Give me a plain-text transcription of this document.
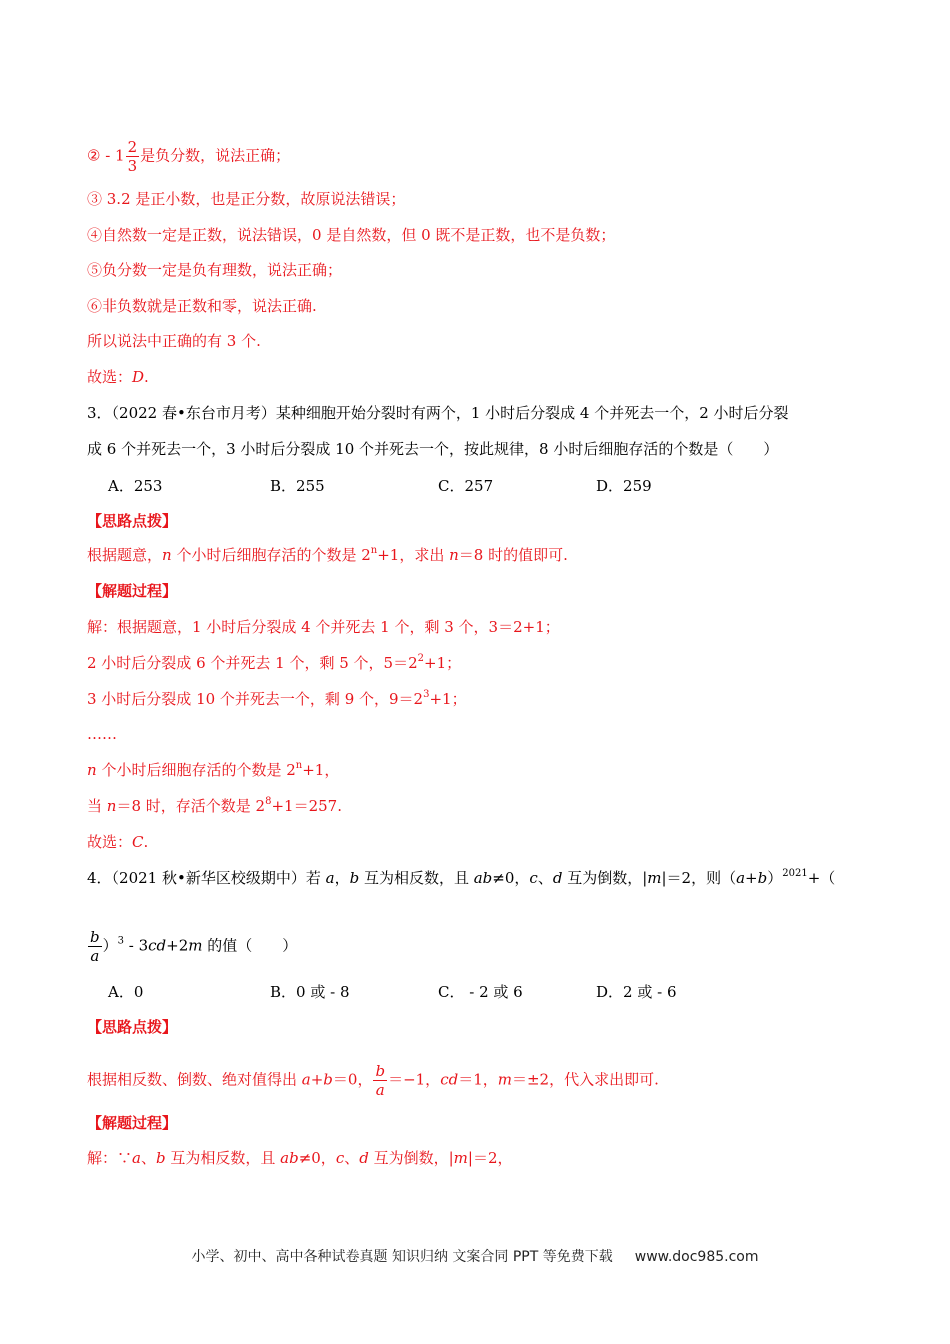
② - $1 \frac{2}{3}$ 是负分数，说法正确；
③ 3.2 是正小数，也是正分数，故原说法错误；
④自然数一定是正数，说法错误，0 是自然数，但 0 既不是正数，也不是负数；
⑤负分数一定是负有理数，说法正确；
⑥非负数就是正数和零，说法正确.
所以说法中正确的有 3 个.
故选：D.
3．（2022 春•东台市月考）某种细胞开始分裂时有两个，1 小时后分裂成 4 个并死去一个，2 小时后分裂
成 6 个并死去一个，3 小时后分裂成 10 个并死去一个，按此规律，8 小时后细胞存活的个数是（　　）
A．253	B．255	C．257	D．259
【思路点拨】
根据题意，n 个小时后细胞存活的个数是 $2^n+1$，求出 n＝8 时的值即可.
【解题过程】
解：根据题意，1 小时后分裂成 4 个并死去 1 个，剩 3 个，3＝2+1；
2 小时后分裂成 6 个并死去 1 个，剩 5 个，$5=2^2+1$；
3 小时后分裂成 10 个并死去一个，剩 9 个，$9=2^3+1$；
……
n 个小时后细胞存活的个数是 $2^n+1$，
当 n＝8 时，存活个数是 $2^8+1=257$.
故选：C.
4．（2021 秋•新华区校级期中）若 a，b 互为相反数，且 ab≠0，c、d 互为倒数，|m|＝2，则$(a+b)^{2021}+$（
$\frac{b}{a} )^3 - 3cd+2m$ 的值（　　）
A．0	B．0 或 - 8	C． - 2 或 6	D．2 或 - 6
【思路点拨】
根据相反数、倒数、绝对值得出 a+b＝0， $\frac{b}{a} =-1$，cd＝1，m＝±2，代入求出即可.
【解题过程】
解：∵a、b 互为相反数，且 ab≠0，c、d 互为倒数，|m|＝2，
小学、初中、高中各种试卷真题 知识归纳 文案合同 PPT 等免费下载 www.doc985.com
